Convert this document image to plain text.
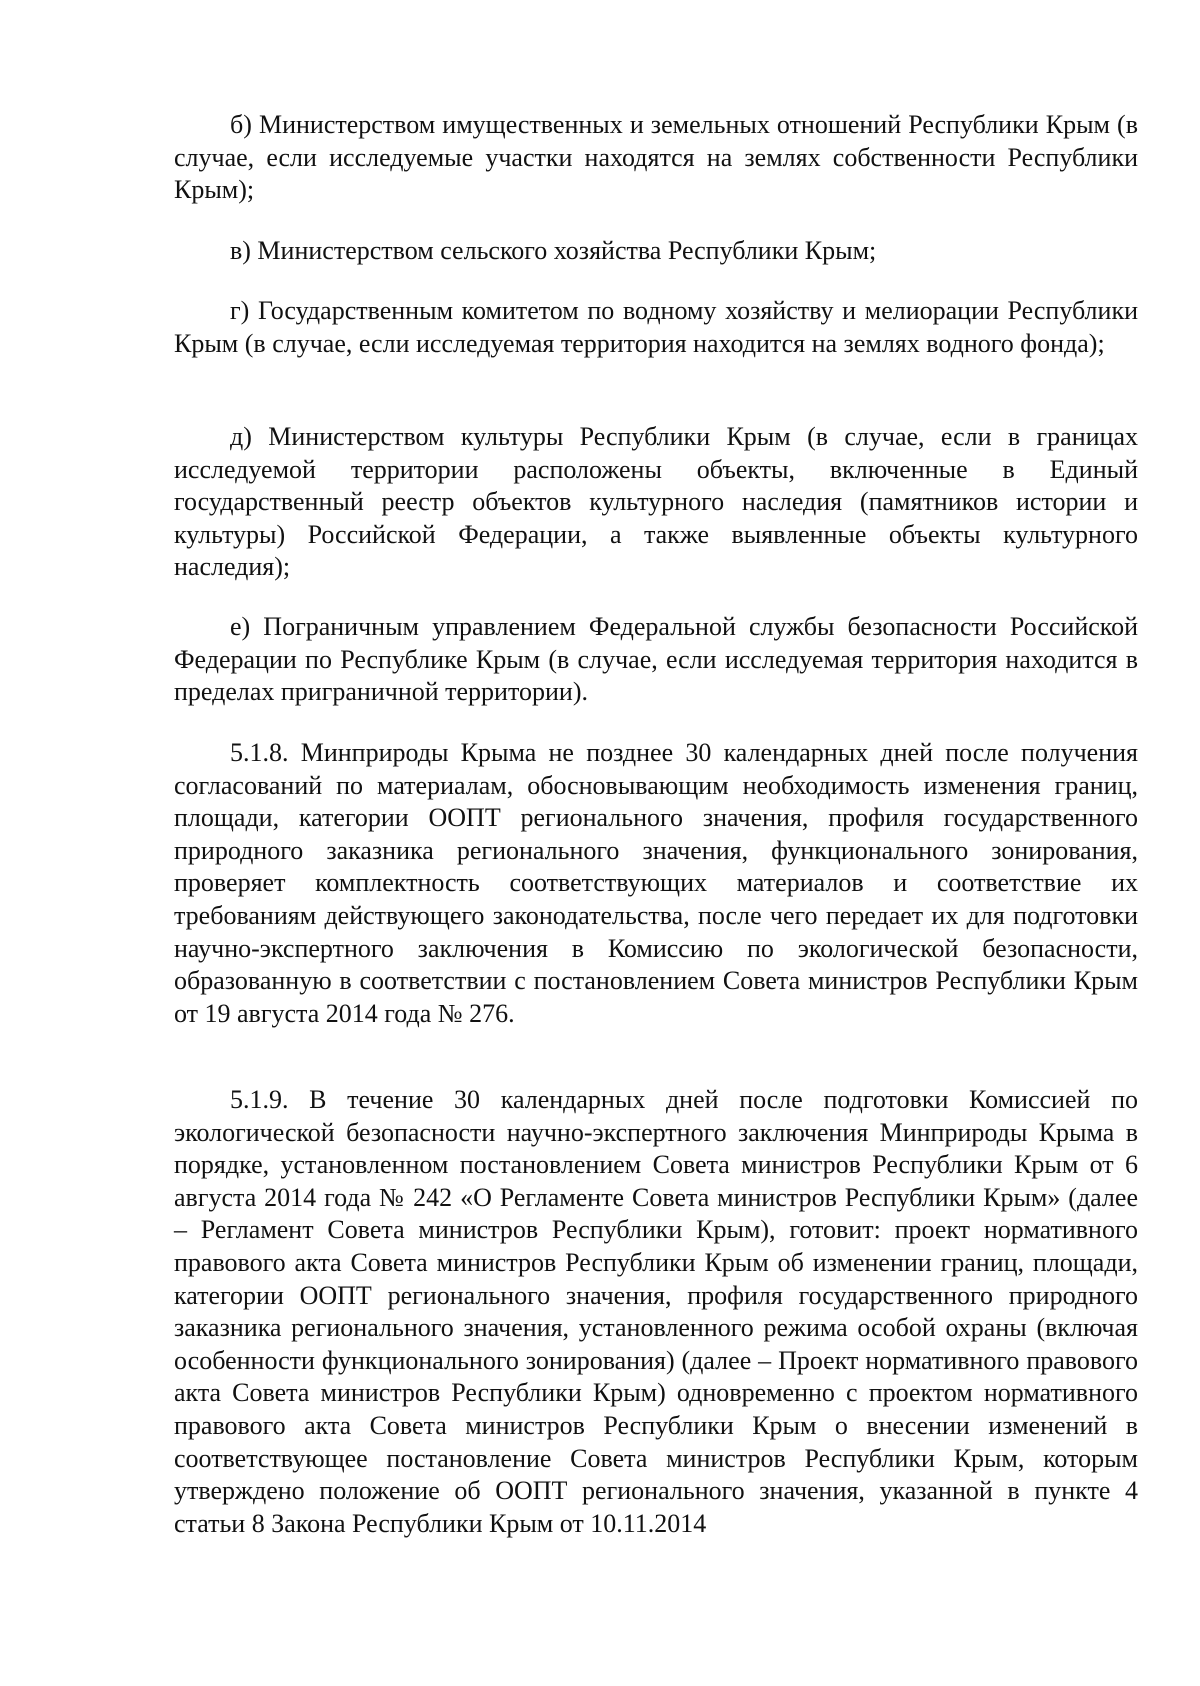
б) Министерством имущественных и земельных отношений Республики Крым (в случае, если исследуемые участки находятся на землях собственности Республики Крым);

в) Министерством сельского хозяйства Республики Крым;

г) Государственным комитетом по водному хозяйству и мелиорации Республики Крым (в случае, если исследуемая территория находится на землях водного фонда);

д) Министерством культуры Республики Крым (в случае, если в границах исследуемой территории расположены объекты, включенные в Единый государственный реестр объектов культурного наследия (памятников истории и культуры) Российской Федерации, а также выявленные объекты культурного наследия);

е) Пограничным управлением Федеральной службы безопасности Российской Федерации по Республике Крым (в случае, если исследуемая территория находится в пределах приграничной территории).

5.1.8. Минприроды Крыма не позднее 30 календарных дней после получения согласований по материалам, обосновывающим необходимость изменения границ, площади, категории ООПТ регионального значения, профиля государственного природного заказника регионального значения, функционального зонирования, проверяет комплектность соответствующих материалов и соответствие их требованиям действующего законодательства, после чего передает их для подготовки научно-экспертного заключения в Комиссию по экологической безопасности, образованную в соответствии с постановлением Совета министров Республики Крым от 19 августа 2014 года № 276.

5.1.9. В течение 30 календарных дней после подготовки Комиссией по экологической безопасности научно-экспертного заключения Минприроды Крыма в порядке, установленном постановлением Совета министров Республики Крым от 6 августа 2014 года № 242 «О Регламенте Совета министров Республики Крым» (далее – Регламент Совета министров Республики Крым), готовит: проект нормативного правового акта Совета министров Республики Крым об изменении границ, площади, категории ООПТ регионального значения, профиля государственного природного заказника регионального значения, установленного режима особой охраны (включая особенности функционального зонирования) (далее – Проект нормативного правового акта Совета министров Республики Крым) одновременно с проектом нормативного правового акта Совета министров Республики Крым о внесении изменений в соответствующее постановление Совета министров Республики Крым, которым утверждено положение об ООПТ регионального значения, указанной в пункте 4 статьи 8 Закона Республики Крым от 10.11.2014
